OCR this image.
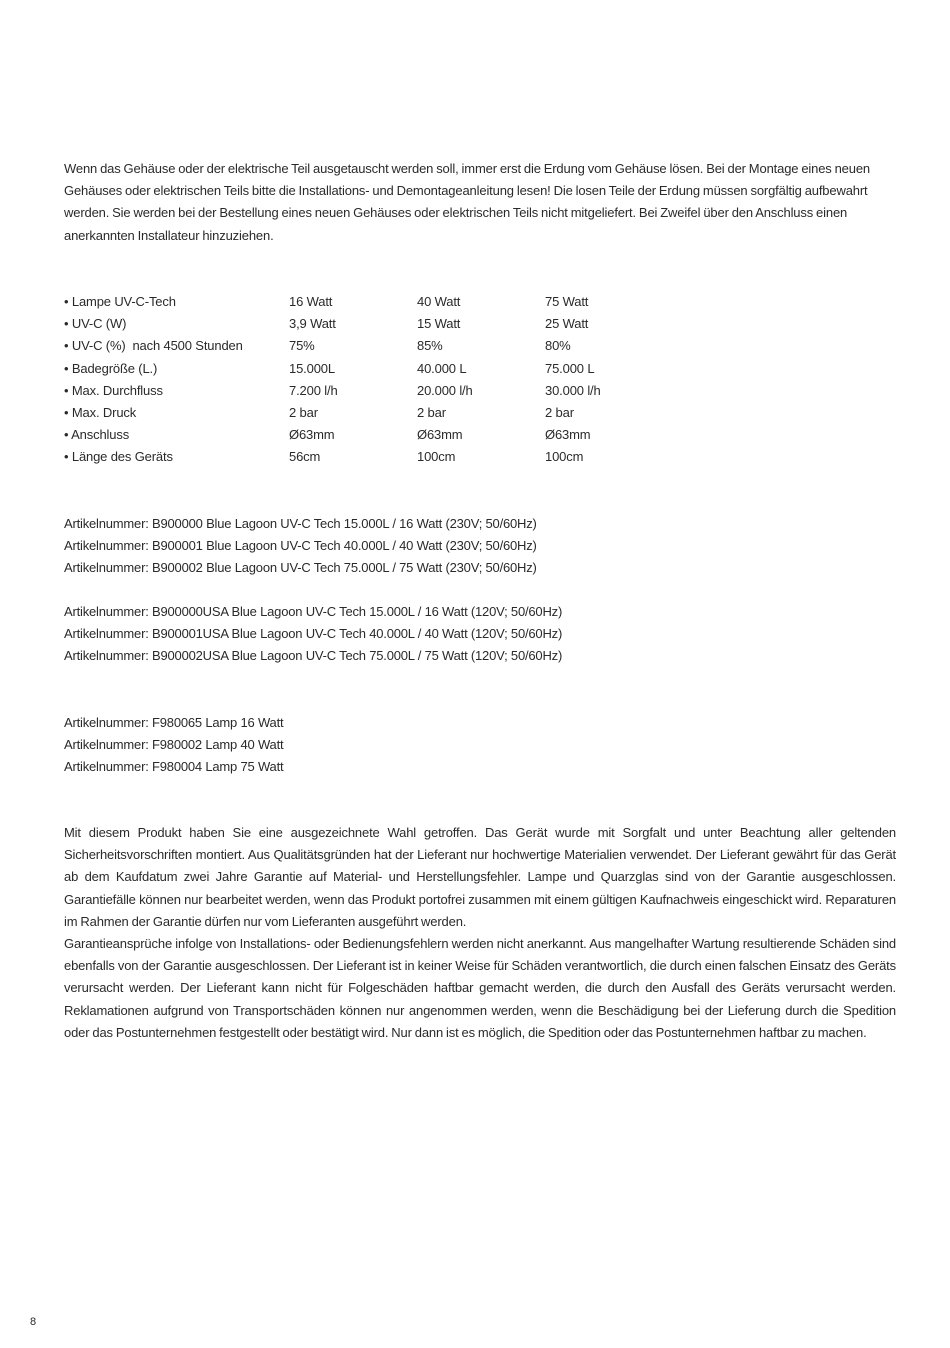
Wenn das Gehäuse oder der elektrische Teil ausgetauscht werden soll, immer erst die Erdung vom Gehäuse lösen. Bei der Montage eines neuen Gehäuses oder elektrischen Teils bitte die Installations- und Demontageanleitung lesen! Die losen Teile der Erdung müssen sorgfältig aufbewahrt werden. Sie werden bei der Bestellung eines neuen Gehäuses oder elektrischen Teils nicht mitgeliefert. Bei Zweifel über den Anschluss einen anerkannten Installateur hinzuziehen.
• Lampe UV-C-Tech	16 Watt	40 Watt	75 Watt
• UV-C (W)	3,9 Watt	15 Watt	25 Watt
• UV-C (%)  nach 4500 Stunden	75%	85%	80%
• Badegröße (L.)	15.000L	40.000 L	75.000 L
• Max. Durchfluss	7.200 l/h	20.000 l/h	30.000 l/h
• Max. Druck	2 bar	2 bar	2 bar
• Anschluss	Ø63mm	Ø63mm	Ø63mm
• Länge des Geräts	56cm	100cm	100cm
Artikelnummer: B900000 Blue Lagoon UV-C Tech 15.000L / 16 Watt (230V; 50/60Hz)
Artikelnummer: B900001 Blue Lagoon UV-C Tech 40.000L / 40 Watt (230V; 50/60Hz)
Artikelnummer: B900002 Blue Lagoon UV-C Tech 75.000L / 75 Watt (230V; 50/60Hz)
Artikelnummer: B900000USA Blue Lagoon UV-C Tech 15.000L / 16 Watt (120V; 50/60Hz)
Artikelnummer: B900001USA Blue Lagoon UV-C Tech 40.000L / 40 Watt (120V; 50/60Hz)
Artikelnummer: B900002USA Blue Lagoon UV-C Tech 75.000L / 75 Watt (120V; 50/60Hz)
Artikelnummer: F980065 Lamp 16 Watt
Artikelnummer: F980002 Lamp 40 Watt
Artikelnummer: F980004 Lamp 75 Watt

Mit diesem Produkt haben Sie eine ausgezeichnete Wahl getroffen. Das Gerät wurde mit Sorgfalt und unter Beachtung aller geltenden Sicherheitsvorschriften montiert. Aus Qualitätsgründen hat der Lieferant nur hochwertige Materialien verwendet. Der Lieferant gewährt für das Gerät ab dem Kaufdatum zwei Jahre Garantie auf Material- und Herstellungsfehler. Lampe und Quarzglas sind von der Garantie ausgeschlossen. Garantiefälle können nur bearbeitet werden, wenn das Produkt portofrei zusammen mit einem gültigen Kaufnachweis eingeschickt wird. Reparaturen im Rahmen der Garantie dürfen nur vom Lieferanten ausgeführt werden.

Garantieansprüche infolge von Installations- oder Bedienungsfehlern werden nicht anerkannt. Aus mangelhafter Wartung resultierende Schäden sind ebenfalls von der Garantie ausgeschlossen. Der Lieferant ist in keiner Weise für Schäden verantwortlich, die durch einen falschen Einsatz des Geräts verursacht werden. Der Lieferant kann nicht für Folgeschäden haftbar gemacht werden, die durch den Ausfall des Geräts verursacht werden. Reklamationen aufgrund von Transportschäden können nur angenommen werden, wenn die Beschädigung bei der Lieferung durch die Spedition oder das Postunternehmen festgestellt oder bestätigt wird. Nur dann ist es möglich, die Spedition oder das Postunternehmen haftbar zu machen.

8
